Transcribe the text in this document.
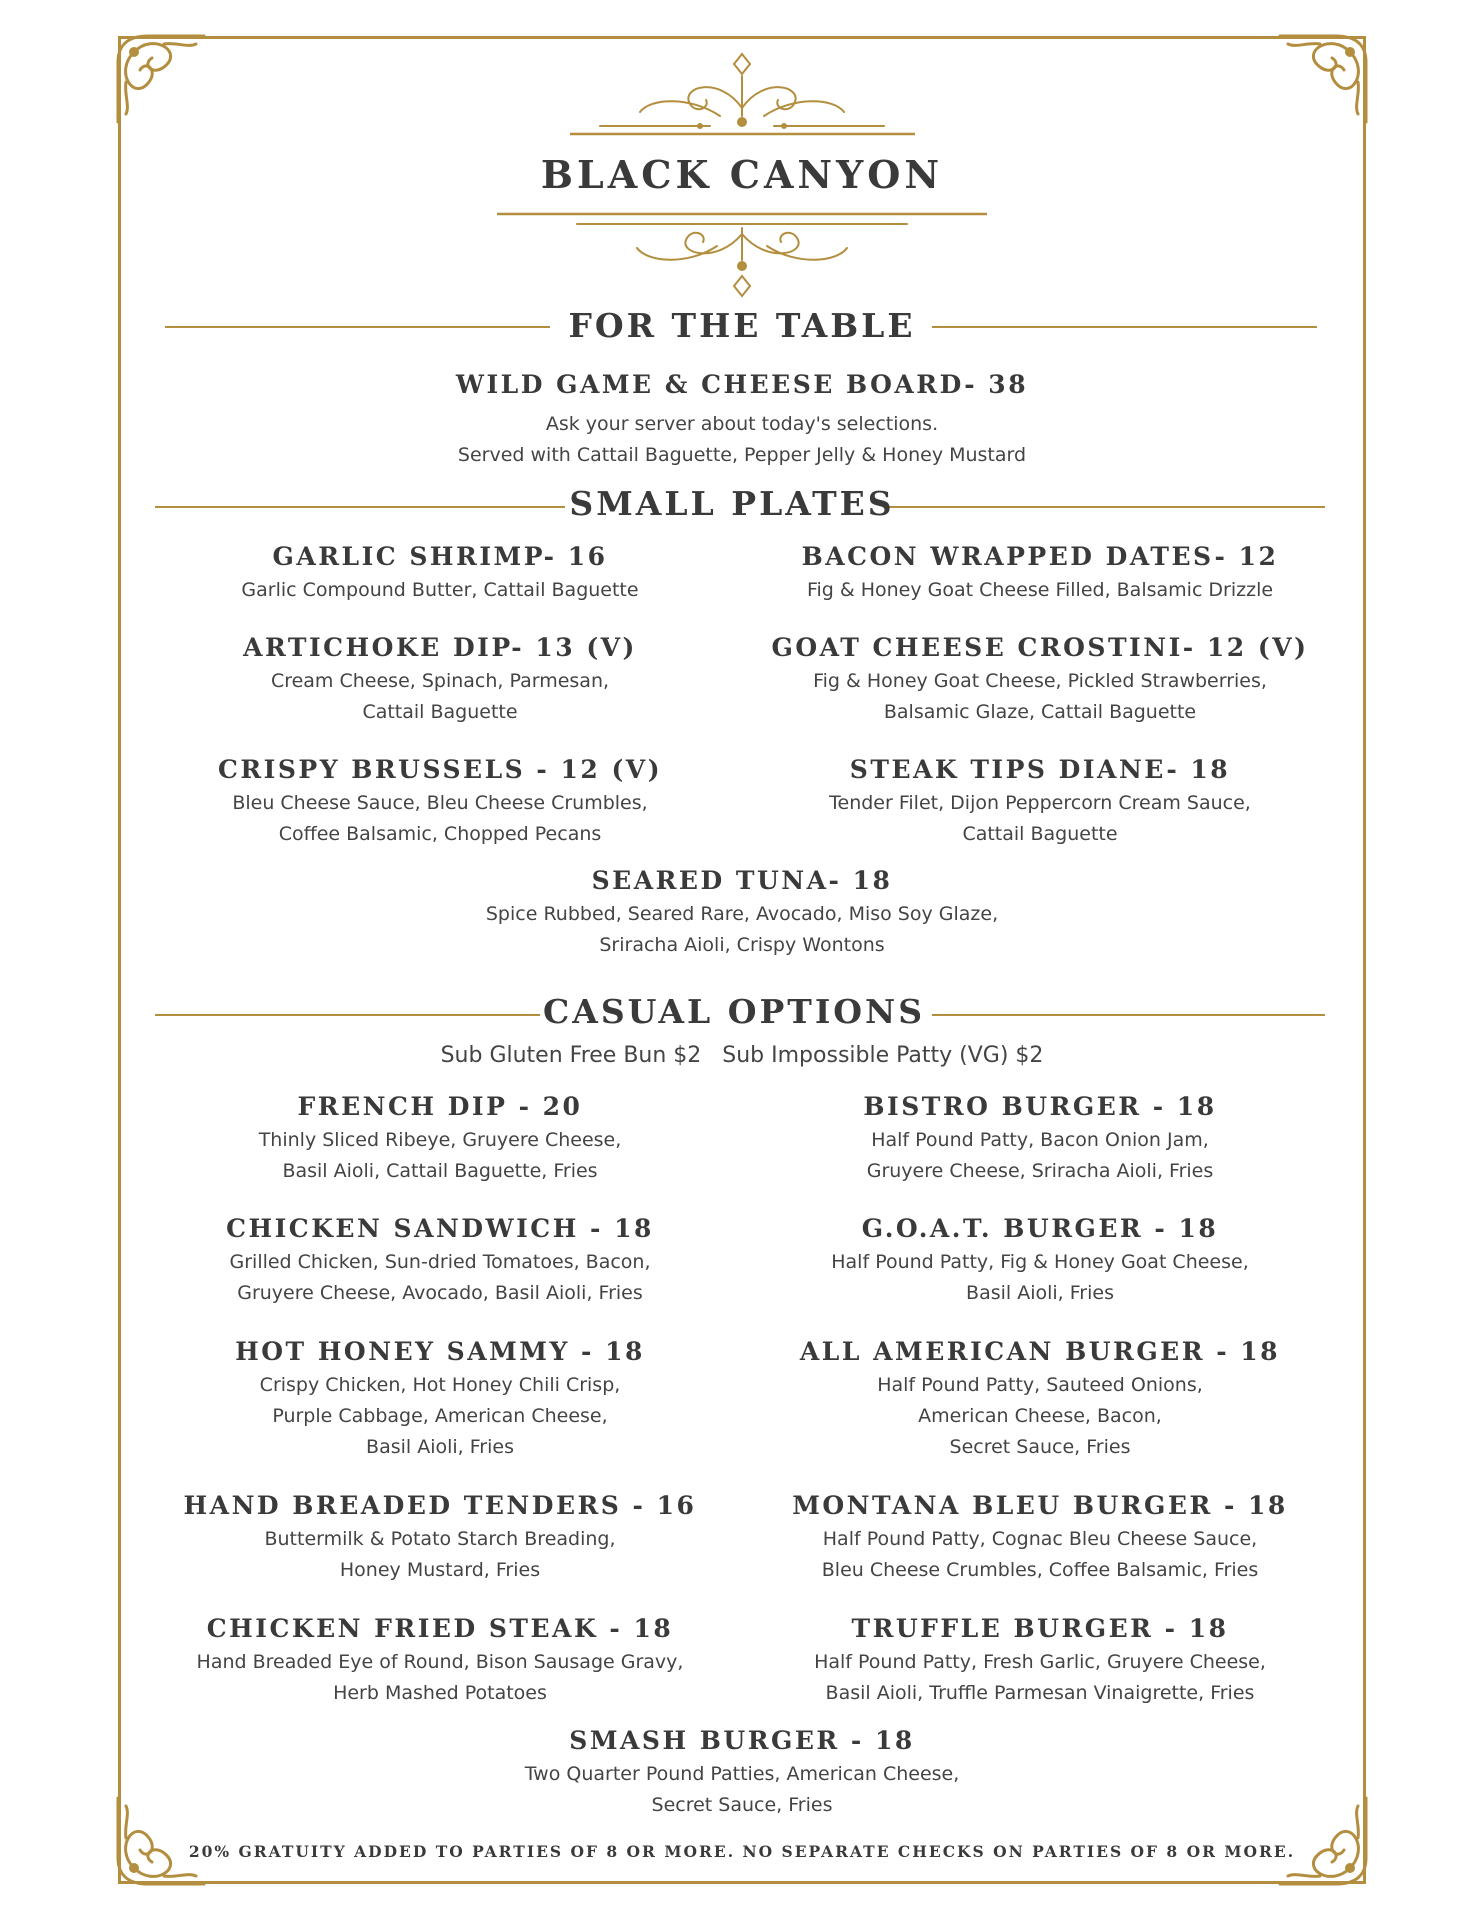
BLACK CANYON
FOR THE TABLE
WILD GAME & CHEESE BOARD- 38
Ask your server about today's selections.
Served with Cattail Baguette, Pepper Jelly & Honey Mustard
SMALL PLATES
GARLIC SHRIMP- 16
Garlic Compound Butter, Cattail Baguette
BACON WRAPPED DATES- 12
Fig & Honey Goat Cheese Filled, Balsamic Drizzle
ARTICHOKE DIP- 13 (V)
Cream Cheese, Spinach, Parmesan,
Cattail Baguette
GOAT CHEESE CROSTINI- 12 (V)
Fig & Honey Goat Cheese, Pickled Strawberries,
Balsamic Glaze, Cattail Baguette
CRISPY BRUSSELS - 12 (V)
Bleu Cheese Sauce, Bleu Cheese Crumbles,
Coffee Balsamic, Chopped Pecans
STEAK TIPS DIANE- 18
Tender Filet, Dijon Peppercorn Cream Sauce,
Cattail Baguette
SEARED TUNA- 18
Spice Rubbed, Seared Rare, Avocado, Miso Soy Glaze,
Sriracha Aioli, Crispy Wontons
CASUAL OPTIONS
Sub Gluten Free Bun $2   Sub Impossible Patty (VG) $2
FRENCH DIP - 20
Thinly Sliced Ribeye, Gruyere Cheese,
Basil Aioli, Cattail Baguette, Fries
BISTRO BURGER - 18
Half Pound Patty, Bacon Onion Jam,
Gruyere Cheese, Sriracha Aioli, Fries
CHICKEN SANDWICH - 18
Grilled Chicken, Sun-dried Tomatoes, Bacon,
Gruyere Cheese, Avocado, Basil Aioli, Fries
G.O.A.T. BURGER - 18
Half Pound Patty, Fig & Honey Goat Cheese,
Basil Aioli, Fries
HOT HONEY SAMMY - 18
Crispy Chicken, Hot Honey Chili Crisp,
Purple Cabbage, American Cheese,
Basil Aioli, Fries
ALL AMERICAN BURGER - 18
Half Pound Patty, Sauteed Onions,
American Cheese, Bacon,
Secret Sauce, Fries
HAND BREADED TENDERS - 16
Buttermilk & Potato Starch Breading,
Honey Mustard, Fries
MONTANA BLEU BURGER - 18
Half Pound Patty, Cognac Bleu Cheese Sauce,
Bleu Cheese Crumbles, Coffee Balsamic, Fries
CHICKEN FRIED STEAK - 18
Hand Breaded Eye of Round, Bison Sausage Gravy,
Herb Mashed Potatoes
TRUFFLE BURGER - 18
Half Pound Patty, Fresh Garlic, Gruyere Cheese,
Basil Aioli, Truffle Parmesan Vinaigrette, Fries
SMASH BURGER - 18
Two Quarter Pound Patties, American Cheese,
Secret Sauce, Fries
20% GRATUITY ADDED TO PARTIES OF 8 OR MORE. NO SEPARATE CHECKS ON PARTIES OF 8 OR MORE.
